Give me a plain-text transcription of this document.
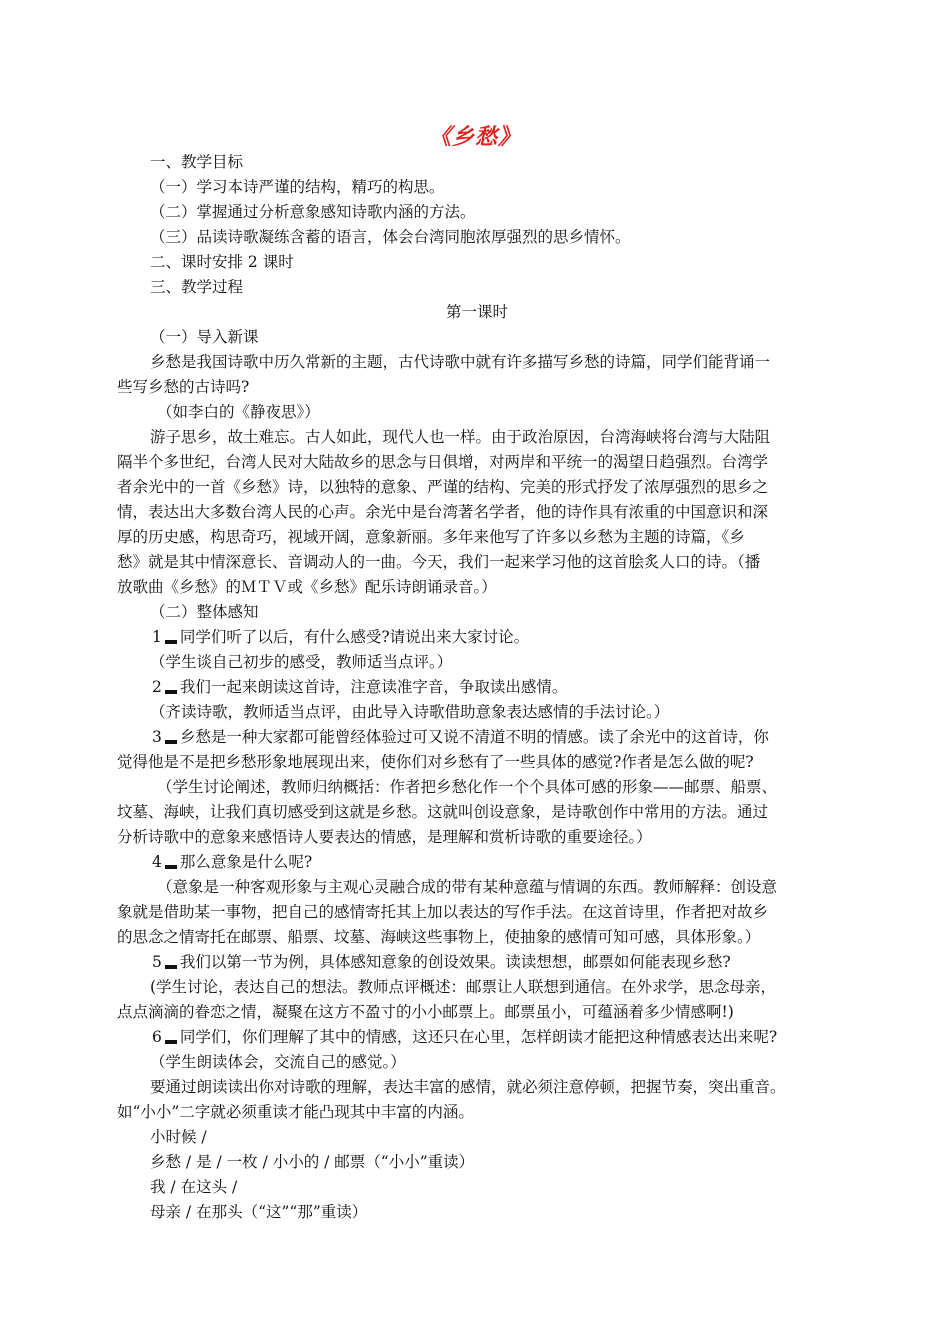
《乡愁》
一、教学目标
（一）学习本诗严谨的结构，精巧的构思。
（二）掌握通过分析意象感知诗歌内涵的方法。
（三）品读诗歌凝练含蓄的语言，体会台湾同胞浓厚强烈的思乡情怀。
二、课时安排 2 课时
三、教学过程
第一课时
（一）导入新课
乡愁是我国诗歌中历久常新的主题，古代诗歌中就有许多描写乡愁的诗篇，同学们能背诵一
些写乡愁的古诗吗?
（如李白的《静夜思》）
游子思乡，故土难忘。古人如此，现代人也一样。由于政治原因，台湾海峡将台湾与大陆阻
隔半个多世纪，台湾人民对大陆故乡的思念与日俱增，对两岸和平统一的渴望日趋强烈。台湾学
者余光中的一首《乡愁》诗，以独特的意象、严谨的结构、完美的形式抒发了浓厚强烈的思乡之
情，表达出大多数台湾人民的心声。余光中是台湾著名学者，他的诗作具有浓重的中国意识和深
厚的历史感，构思奇巧，视域开阔，意象新丽。多年来他写了许多以乡愁为主题的诗篇，《乡
愁》就是其中情深意长、音调动人的一曲。今天，我们一起来学习他的这首脍炙人口的诗。（播
放歌曲《乡愁》的ＭＴＶ或《乡愁》配乐诗朗诵录音。）
（二）整体感知
1 同学们听了以后，有什么感受?请说出来大家讨论。
（学生谈自己初步的感受，教师适当点评。）
2 我们一起来朗读这首诗，注意读准字音，争取读出感情。
（齐读诗歌，教师适当点评，由此导入诗歌借助意象表达感情的手法讨论。）
3 乡愁是一种大家都可能曾经体验过可又说不清道不明的情感。读了余光中的这首诗，你
觉得他是不是把乡愁形象地展现出来，使你们对乡愁有了一些具体的感觉?作者是怎么做的呢?
（学生讨论阐述，教师归纳概括：作者把乡愁化作一个个具体可感的形象——邮票、船票、
坟墓、海峡，让我们真切感受到这就是乡愁。这就叫创设意象，是诗歌创作中常用的方法。通过
分析诗歌中的意象来感悟诗人要表达的情感，是理解和赏析诗歌的重要途径。）
4 那么意象是什么呢?
（意象是一种客观形象与主观心灵融合成的带有某种意蕴与情调的东西。教师解释：创设意
象就是借助某一事物，把自己的感情寄托其上加以表达的写作手法。在这首诗里，作者把对故乡
的思念之情寄托在邮票、船票、坟墓、海峡这些事物上，使抽象的感情可知可感，具体形象。）
5 我们以第一节为例，具体感知意象的创设效果。读读想想，邮票如何能表现乡愁?
(学生讨论，表达自己的想法。教师点评概述：邮票让人联想到通信。在外求学，思念母亲，
点点滴滴的眷恋之情，凝聚在这方不盈寸的小小邮票上。邮票虽小，可蕴涵着多少情感啊!)
6 同学们，你们理解了其中的情感，这还只在心里，怎样朗读才能把这种情感表达出来呢?
（学生朗读体会，交流自己的感觉。）
要通过朗读读出你对诗歌的理解，表达丰富的感情，就必须注意停顿，把握节奏，突出重音。
如“小小”二字就必须重读才能凸现其中丰富的内涵。
小时候 /
乡愁 / 是 / 一枚 / 小小的 / 邮票（“小小”重读）
我 / 在这头 /
母亲 / 在那头（“这”“那”重读）
